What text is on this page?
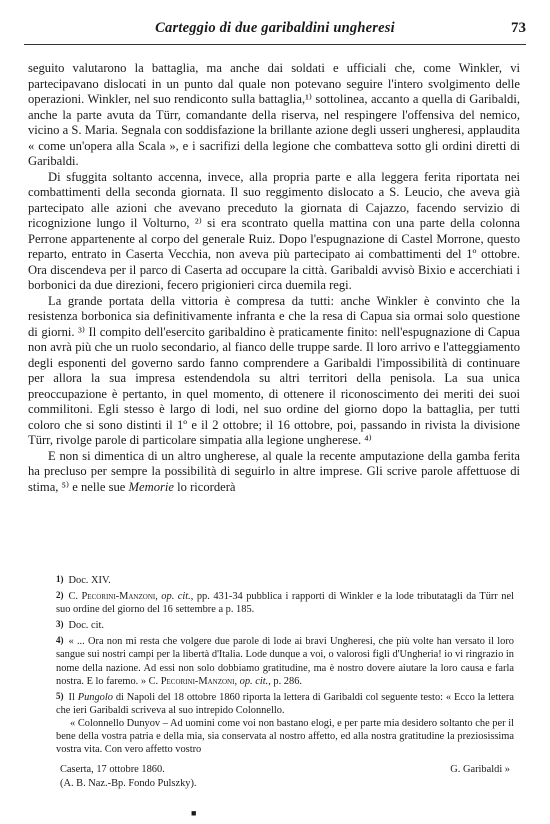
Carteggio di due garibaldini ungheresi	73

seguito valutarono la battaglia, ma anche dai soldati e ufficiali che, come Winkler, vi partecipavano dislocati in un punto dal quale non potevano seguire l'intero svolgimento delle operazioni. Winkler, nel suo rendiconto sulla battaglia,¹⁾ sottolinea, accanto a quella di Garibaldi, anche la parte avuta da Türr, comandante della riserva, nel respingere l'offensiva del nemico, vicino a S. Maria. Segnala con soddisfazione la brillante azione degli usseri ungheresi, applaudita « come un'opera alla Scala », e i sacrifizi della legione che combatteva sotto gli ordini diretti di Garibaldi.

Di sfuggita soltanto accenna, invece, alla propria parte e alla leggera ferita riportata nei combattimenti della seconda giornata. Il suo reggimento dislocato a S. Leucio, che aveva già partecipato alle azioni che avevano preceduto la giornata di Cajazzo, facendo servizio di ricognizione lungo il Volturno, ²⁾ si era scontrato quella mattina con una parte della colonna Perrone appartenente al corpo del generale Ruiz. Dopo l'espugnazione di Castel Morrone, questo reparto, entrato in Caserta Vecchia, non aveva più partecipato ai combattimenti del 1º ottobre. Ora discendeva per il parco di Caserta ad occupare la città. Garibaldi avvisò Bixio e accerchiati i borbonici da due direzioni, fecero prigionieri circa duemila regi.

La grande portata della vittoria è compresa da tutti: anche Winkler è convinto che la resistenza borbonica sia definitivamente infranta e che la resa di Capua sia ormai solo questione di giorni. ³⁾ Il compito dell'esercito garibaldino è praticamente finito: nell'espugnazione di Capua non avrà più che un ruolo secondario, al fianco delle truppe sarde. Il loro arrivo e l'atteggiamento degli esponenti del governo sardo fanno comprendere a Garibaldi l'impossibilità di continuare per allora la sua impresa estendendola su altri territori della penisola. La sua unica preoccupazione è pertanto, in quel momento, di ottenere il riconoscimento dei meriti dei suoi commilitoni. Egli stesso è largo di lodi, nel suo ordine del giorno dopo la battaglia, per tutti coloro che si sono distinti il 1º e il 2 ottobre; il 16 ottobre, poi, passando in rivista la divisione Türr, rivolge parole di particolare simpatia alla legione ungherese. ⁴⁾

E non si dimentica di un altro ungherese, al quale la recente amputazione della gamba ferita ha precluso per sempre la possibilità di seguirlo in altre imprese. Gli scrive parole affettuose di stima, ⁵⁾ e nelle sue Memorie lo ricorderà

1) Doc. XIV.

2) C. Pecorini-Manzoni, op. cit., pp. 431-34 pubblica i rapporti di Winkler e la lode tributatagli da Türr nel suo ordine del giorno del 16 settembre a p. 185.

3) Doc. cit.

4) « ... Ora non mi resta che volgere due parole di lode ai bravi Ungheresi, che più volte han versato il loro sangue sui nostri campi per la libertà d'Italia. Lode dunque a voi, o valorosi figli d'Ungheria! io vi ringrazio in nome della nazione. Ad essi non solo dobbiamo gratitudine, ma è nostro dovere aiutare la loro causa e farla nostra. E lo faremo. » C. Pecorini-Manzoni, op. cit., p. 286.

5) Il Pungolo di Napoli del 18 ottobre 1860 riporta la lettera di Garibaldi col seguente testo: « Ecco la lettera che ieri Garibaldi scriveva al suo intrepido Colonnello.

« Colonnello Dunyov – Ad uomini come voi non bastano elogi, e per parte mia desidero soltanto che per il bene della vostra patria e della mia, sia conservata al nostro affetto, ed alla nostra gratitudine la preziosissima vostra vita. Con vero affetto vostro

Caserta, 17 ottobre 1860.	G. Garibaldi »
(A. B. Naz.-Bp. Fondo Pulszky).
■
